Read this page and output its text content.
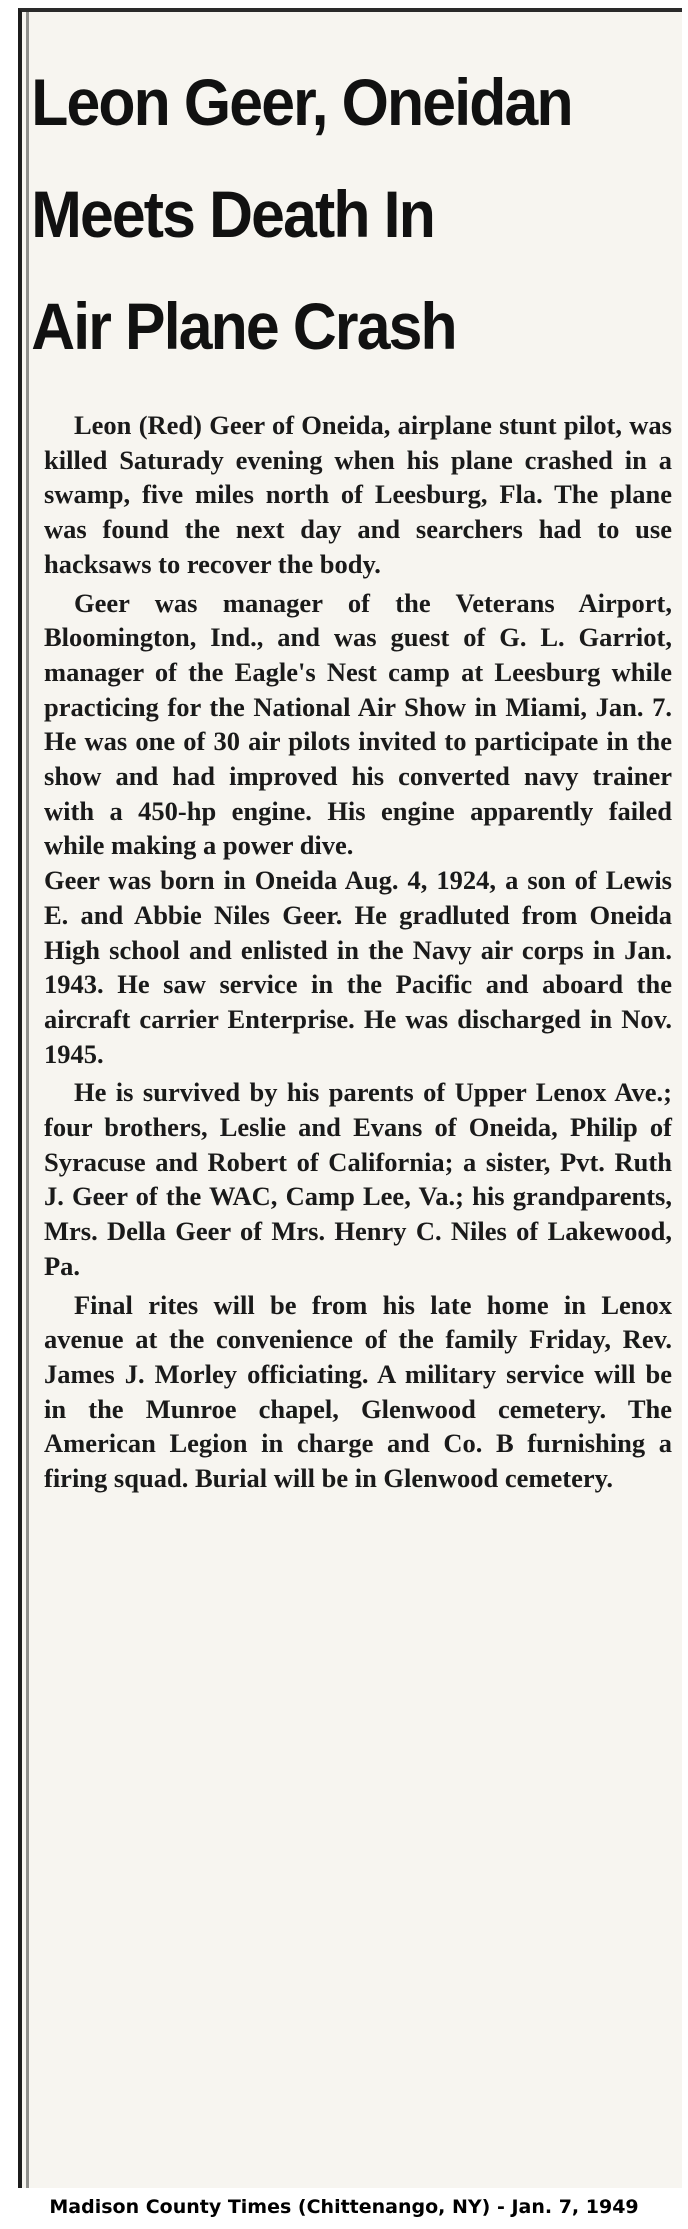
Leon Geer, Oneidan
Meets Death In
Air Plane Crash

Leon (Red) Geer of Oneida, airplane stunt pilot, was killed Saturady evening when his plane crashed in a swamp, five miles north of Leesburg, Fla. The plane was found the next day and searchers had to use hacksaws to recover the body.

Geer was manager of the Veterans Airport, Bloomington, Ind., and was guest of G. L. Garriot, manager of the Eagle's Nest camp at Leesburg while practicing for the National Air Show in Miami, Jan. 7. He was one of 30 air pilots invited to participate in the show and had improved his converted navy trainer with a 450-hp engine. His engine apparently failed while making a power dive.

Geer was born in Oneida Aug. 4, 1924, a son of Lewis E. and Abbie Niles Geer. He gradluted from Oneida High school and enlisted in the Navy air corps in Jan. 1943. He saw service in the Pacific and aboard the aircraft carrier Enterprise. He was discharged in Nov. 1945.

He is survived by his parents of Upper Lenox Ave.; four brothers, Leslie and Evans of Oneida, Philip of Syracuse and Robert of California; a sister, Pvt. Ruth J. Geer of the WAC, Camp Lee, Va.; his grandparents, Mrs. Della Geer of Mrs. Henry C. Niles of Lakewood, Pa.

Final rites will be from his late home in Lenox avenue at the convenience of the family Friday, Rev. James J. Morley officiating. A military service will be in the Munroe chapel, Glenwood cemetery. The American Legion in charge and Co. B furnishing a firing squad. Burial will be in Glenwood cemetery.

Madison County Times (Chittenango, NY) - Jan. 7, 1949
